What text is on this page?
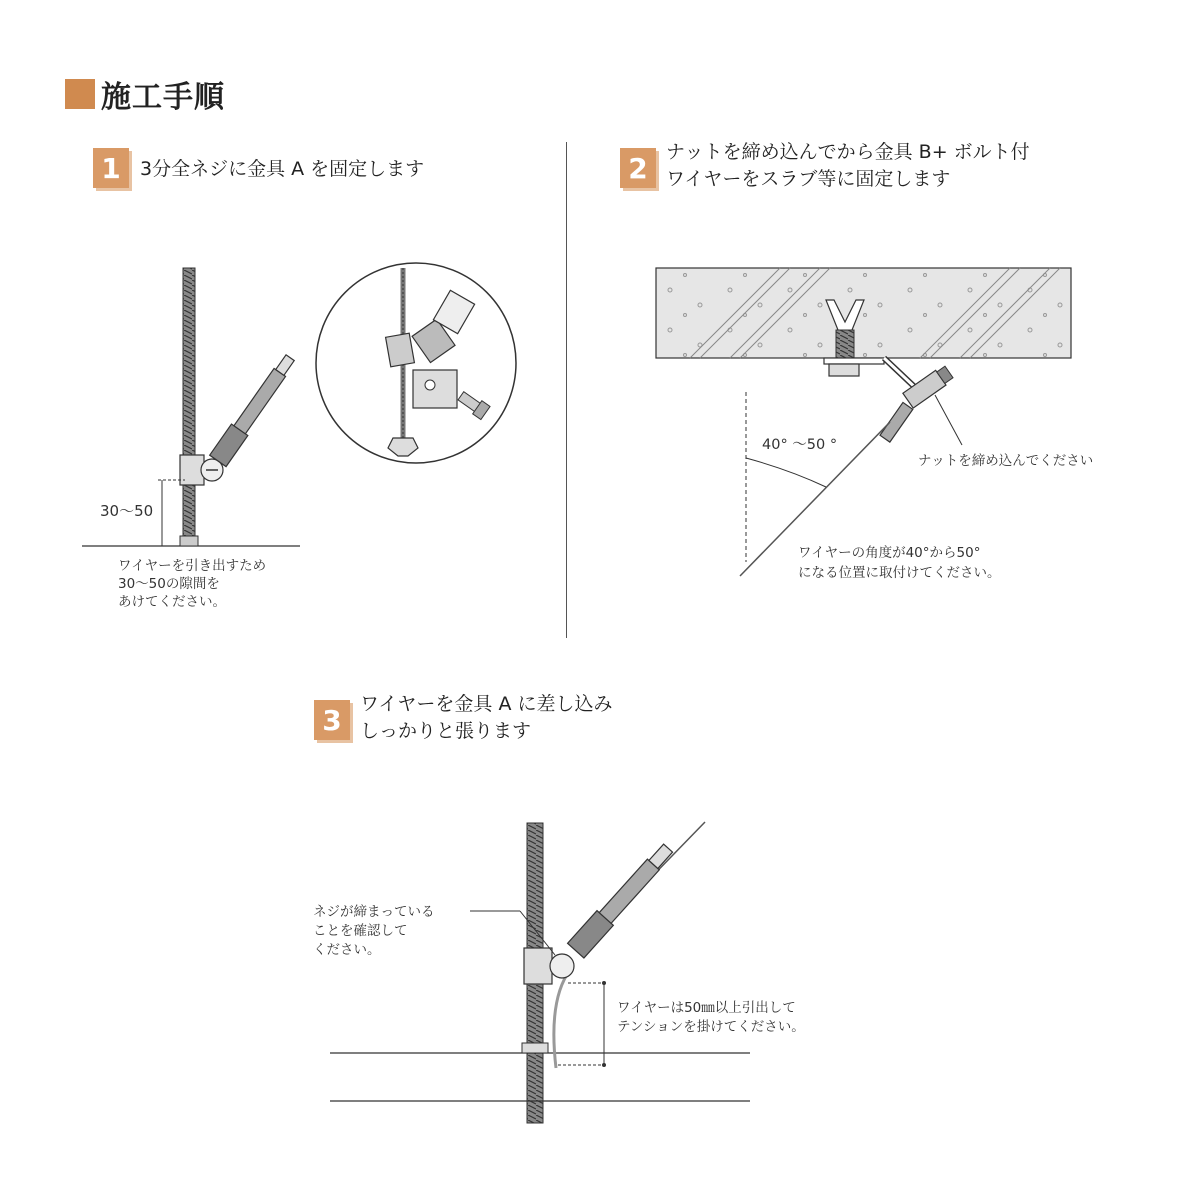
施工手順
1	3分全ネジに金具 A を固定します	2 ナットを締め込んでから金具 B+ ボルト付
ワイヤーをスラブ等に固定します
3 ワイヤーを金具 A に差し込み
しっかりと張ります
30～50
ワイヤーを引き出すため
30～50の隙間を
あけてください。
40° ～50 °
ナットを締め込んでください
ワイヤーの角度が40°から50°
になる位置に取付けてください。
ネジが締まっている
ことを確認して
ください。
ワイヤーは50㎜以上引出して
テンションを掛けてください。
